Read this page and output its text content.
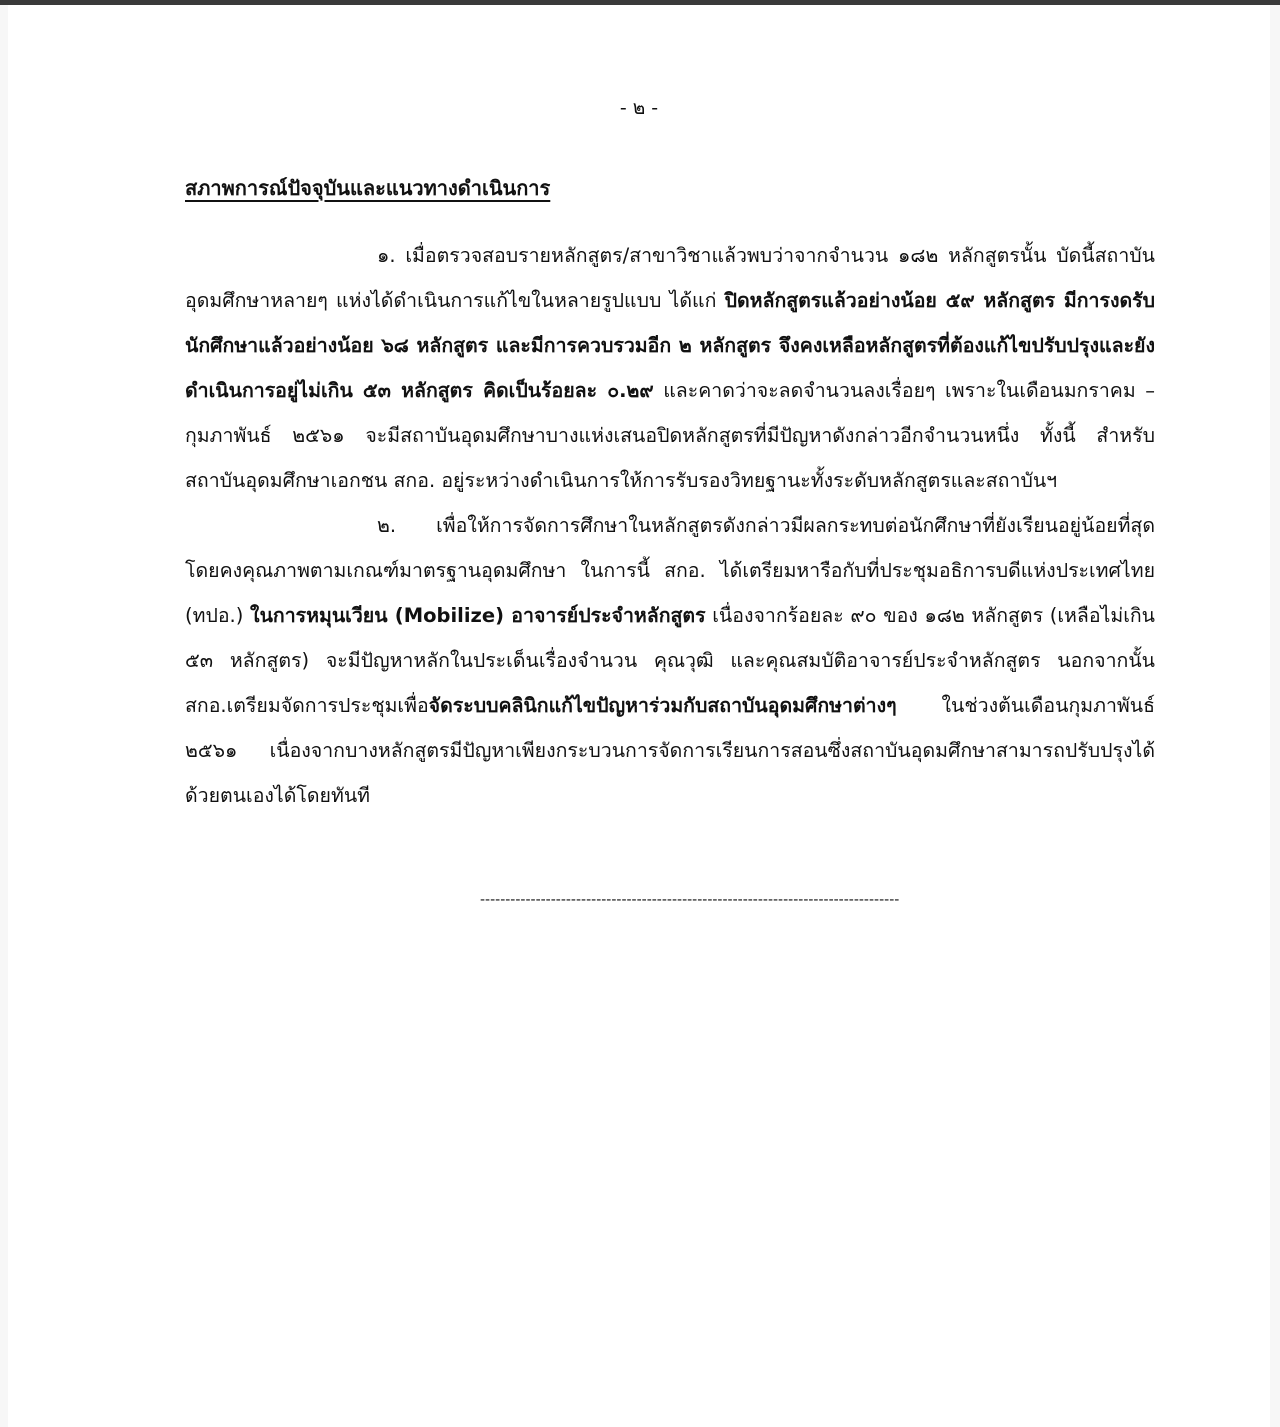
- ๒ -
สภาพการณ์ปัจจุบันและแนวทางดำเนินการ

๑. เมื่อตรวจสอบรายหลักสูตร/สาขาวิชาแล้วพบว่าจากจำนวน ๑๘๒ หลักสูตรนั้น บัดนี้สถาบันอุดมศึกษาหลายๆ แห่งได้ดำเนินการแก้ไขในหลายรูปแบบ ได้แก่ ปิดหลักสูตรแล้วอย่างน้อย ๕๙ หลักสูตร มีการงดรับนักศึกษาแล้วอย่างน้อย ๖๘ หลักสูตร และมีการควบรวมอีก ๒ หลักสูตร จึงคงเหลือหลักสูตรที่ต้องแก้ไขปรับปรุงและยังดำเนินการอยู่ไม่เกิน ๕๓ หลักสูตร คิดเป็นร้อยละ ๐.๒๙ และคาดว่าจะลดจำนวนลงเรื่อยๆ เพราะในเดือนมกราคม – กุมภาพันธ์ ๒๕๖๑ จะมีสถาบันอุดมศึกษาบางแห่งเสนอปิดหลักสูตรที่มีปัญหาดังกล่าวอีกจำนวนหนึ่ง ทั้งนี้ สำหรับสถาบันอุดมศึกษาเอกชน สกอ. อยู่ระหว่างดำเนินการให้การรับรองวิทยฐานะทั้งระดับหลักสูตรและสถาบันฯ

๒. เพื่อให้การจัดการศึกษาในหลักสูตรดังกล่าวมีผลกระทบต่อนักศึกษาที่ยังเรียนอยู่น้อยที่สุดโดยคงคุณภาพตามเกณฑ์มาตรฐานอุดมศึกษา ในการนี้ สกอ. ได้เตรียมหารือกับที่ประชุมอธิการบดีแห่งประเทศไทย (ทปอ.) ในการหมุนเวียน (Mobilize) อาจารย์ประจำหลักสูตร เนื่องจากร้อยละ ๙๐ ของ ๑๘๒ หลักสูตร (เหลือไม่เกิน ๕๓ หลักสูตร) จะมีปัญหาหลักในประเด็นเรื่องจำนวน คุณวุฒิ และคุณสมบัติอาจารย์ประจำหลักสูตร นอกจากนั้น สกอ.เตรียมจัดการประชุมเพื่อจัดระบบคลินิกแก้ไขปัญหาร่วมกับสถาบันอุดมศึกษาต่างๆ ในช่วงต้นเดือนกุมภาพันธ์ ๒๕๖๑ เนื่องจากบางหลักสูตรมีปัญหาเพียงกระบวนการจัดการเรียนการสอนซึ่งสถาบันอุดมศึกษาสามารถปรับปรุงได้ด้วยตนเองได้โดยทันที

-----------------------------------------------------------------------------------
